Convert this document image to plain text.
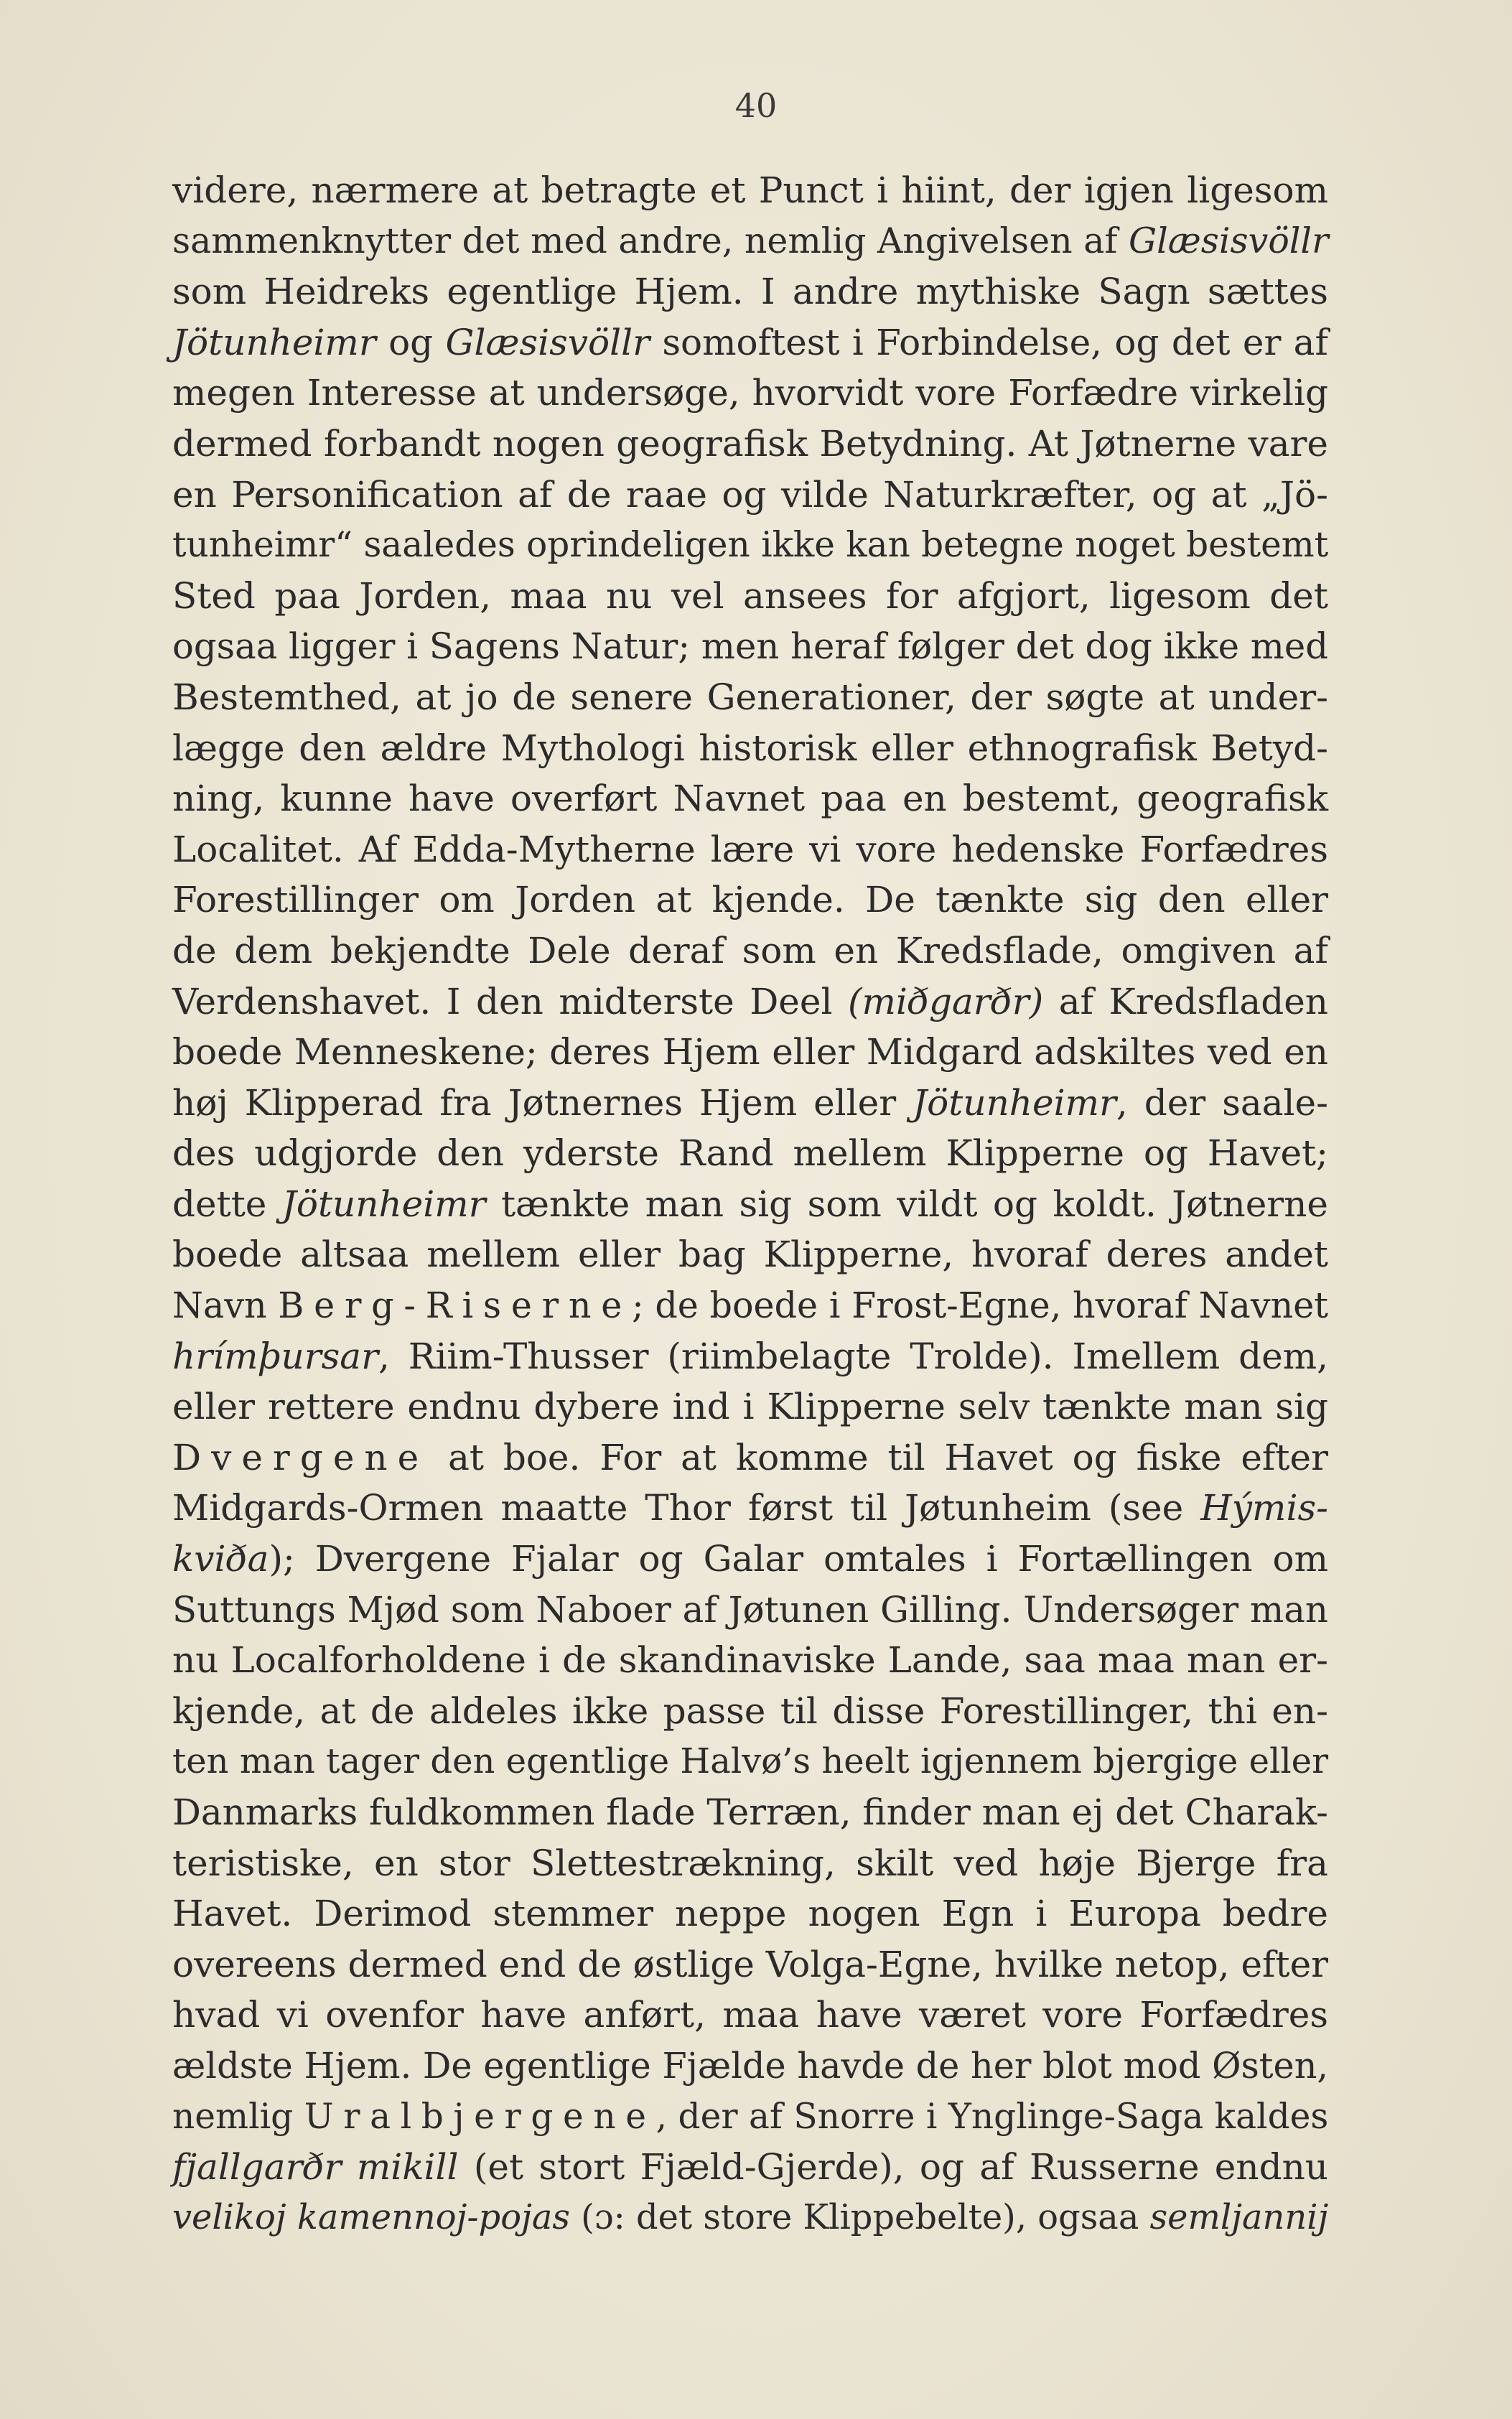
40
videre, nærmere at betragte et Punct i hiint, der igjen ligesom
sammenknytter det med andre, nemlig Angivelsen af Glæsisvöllr
som Heidreks egentlige Hjem. I andre mythiske Sagn sættes
Jötunheimr og Glæsisvöllr somoftest i Forbindelse, og det er af
megen Interesse at undersøge, hvorvidt vore Forfædre virkelig
dermed forbandt nogen geografisk Betydning. At Jøtnerne vare
en Personification af de raae og vilde Naturkræfter, og at „Jö-
tunheimr“ saaledes oprindeligen ikke kan betegne noget bestemt
Sted paa Jorden, maa nu vel ansees for afgjort, ligesom det
ogsaa ligger i Sagens Natur; men heraf følger det dog ikke med
Bestemthed, at jo de senere Generationer, der søgte at under-
lægge den ældre Mythologi historisk eller ethnografisk Betyd-
ning, kunne have overført Navnet paa en bestemt, geografisk
Localitet. Af Edda-Mytherne lære vi vore hedenske Forfædres
Forestillinger om Jorden at kjende. De tænkte sig den eller
de dem bekjendte Dele deraf som en Kredsflade, omgiven af
Verdenshavet. I den midterste Deel (miðgarðr) af Kredsfladen
boede Menneskene; deres Hjem eller Midgard adskiltes ved en
høj Klipperad fra Jøtnernes Hjem eller Jötunheimr, der saale-
des udgjorde den yderste Rand mellem Klipperne og Havet;
dette Jötunheimr tænkte man sig som vildt og koldt. Jøtnerne
boede altsaa mellem eller bag Klipperne, hvoraf deres andet
Navn Berg-Riserne; de boede i Frost-Egne, hvoraf Navnet
hrímþursar, Riim-Thusser (riimbelagte Trolde). Imellem dem,
eller rettere endnu dybere ind i Klipperne selv tænkte man sig
Dvergene at boe. For at komme til Havet og fiske efter
Midgards-Ormen maatte Thor først til Jøtunheim (see Hýmis-
kviða); Dvergene Fjalar og Galar omtales i Fortællingen om
Suttungs Mjød som Naboer af Jøtunen Gilling. Undersøger man
nu Localforholdene i de skandinaviske Lande, saa maa man er-
kjende, at de aldeles ikke passe til disse Forestillinger, thi en-
ten man tager den egentlige Halvø’s heelt igjennem bjergige eller
Danmarks fuldkommen flade Terræn, finder man ej det Charak-
teristiske, en stor Slettestrækning, skilt ved høje Bjerge fra
Havet. Derimod stemmer neppe nogen Egn i Europa bedre
overeens dermed end de østlige Volga-Egne, hvilke netop, efter
hvad vi ovenfor have anført, maa have været vore Forfædres
ældste Hjem. De egentlige Fjælde havde de her blot mod Østen,
nemlig Uralbjergene, der af Snorre i Ynglinge-Saga kaldes
fjallgarðr mikill (et stort Fjæld-Gjerde), og af Russerne endnu
velikoj kamennoj-pojas (ɔ: det store Klippebelte), ogsaa semljannij
